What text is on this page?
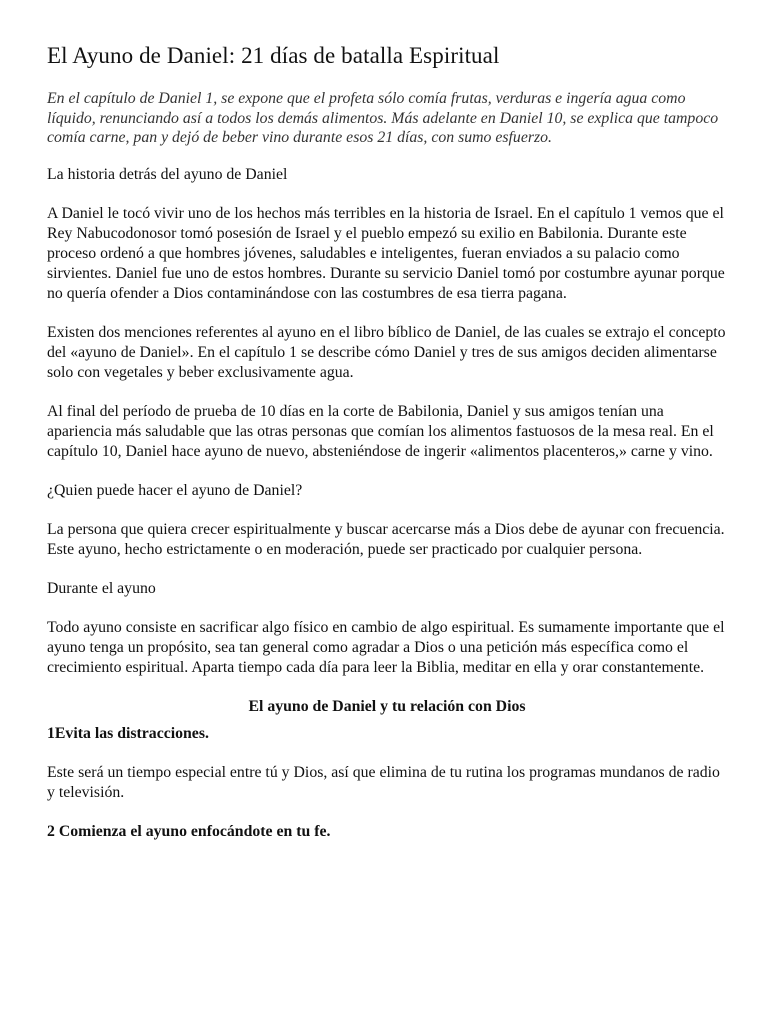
El Ayuno de Daniel: 21 días de batalla Espiritual

En el capítulo de Daniel 1, se expone que el profeta sólo comía frutas, verduras e ingería agua como líquido, renunciando así a todos los demás alimentos. Más adelante en Daniel 10, se explica que tampoco comía carne, pan y dejó de beber vino durante esos 21 días, con sumo esfuerzo.

La historia detrás del ayuno de Daniel

A Daniel le tocó vivir uno de los hechos más terribles en la historia de Israel. En el capítulo 1 vemos que el Rey Nabucodonosor tomó posesión de Israel y el pueblo empezó su exilio en Babilonia. Durante este proceso ordenó a que hombres jóvenes, saludables e inteligentes, fueran enviados a su palacio como sirvientes. Daniel fue uno de estos hombres. Durante su servicio Daniel tomó por costumbre ayunar porque no quería ofender a Dios contaminándose con las costumbres de esa tierra pagana.

Existen dos menciones referentes al ayuno en el libro bíblico de Daniel, de las cuales se extrajo el concepto del «ayuno de Daniel». En el capítulo 1 se describe cómo Daniel y tres de sus amigos deciden alimentarse solo con vegetales y beber exclusivamente agua.

Al final del período de prueba de 10 días en la corte de Babilonia, Daniel y sus amigos tenían una apariencia más saludable que las otras personas que comían los alimentos fastuosos de la mesa real. En el capítulo 10, Daniel hace ayuno de nuevo, absteniéndose de ingerir «alimentos placenteros,» carne y vino.

¿Quien puede hacer el ayuno de Daniel?

La persona que quiera crecer espiritualmente y buscar acercarse más a Dios debe de ayunar con frecuencia. Este ayuno, hecho estrictamente o en moderación, puede ser practicado por cualquier persona.

Durante el ayuno

Todo ayuno consiste en sacrificar algo físico en cambio de algo espiritual. Es sumamente importante que el ayuno tenga un propósito, sea tan general como agradar a Dios o una petición más específica como el crecimiento espiritual. Aparta tiempo cada día para leer la Biblia, meditar en ella y orar constantemente.

El ayuno de Daniel y tu relación con Dios

1Evita las distracciones.

Este será un tiempo especial entre tú y Dios, así que elimina de tu rutina los programas mundanos de radio y televisión.

2 Comienza el ayuno enfocándote en tu fe.
